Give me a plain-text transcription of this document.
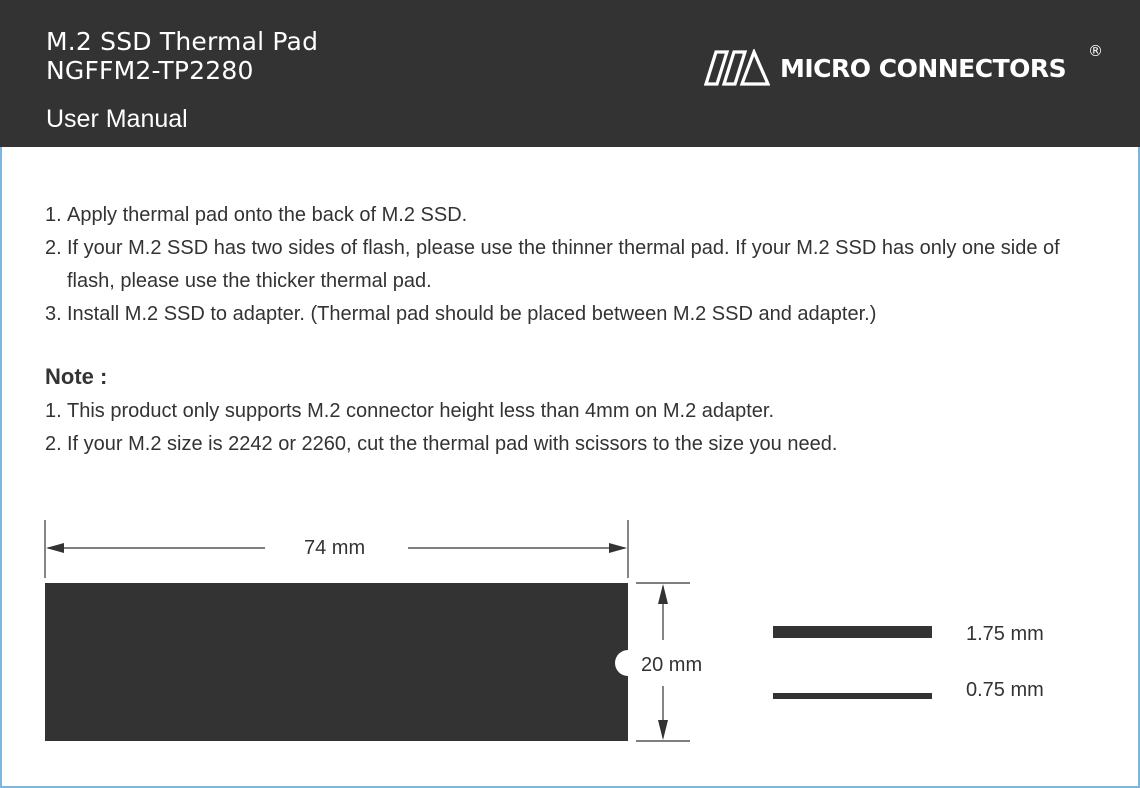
M.2 SSD Thermal Pad
NGFFM2-TP2280
User Manual
MICRO CONNECTORS
®
1. Apply thermal pad onto the back of M.2 SSD.
2. If your M.2 SSD has two sides of flash, please use the thinner thermal pad. If your M.2 SSD has only one side of flash, please use the thicker thermal pad.
3. Install M.2 SSD to adapter. (Thermal pad should be placed between M.2 SSD and adapter.)
Note :
1. This product only supports M.2 connector height less than 4mm on M.2 adapter.
2. If your M.2 size is 2242 or 2260, cut the thermal pad with scissors to the size you need.
74 mm
20 mm
1.75 mm
0.75 mm
